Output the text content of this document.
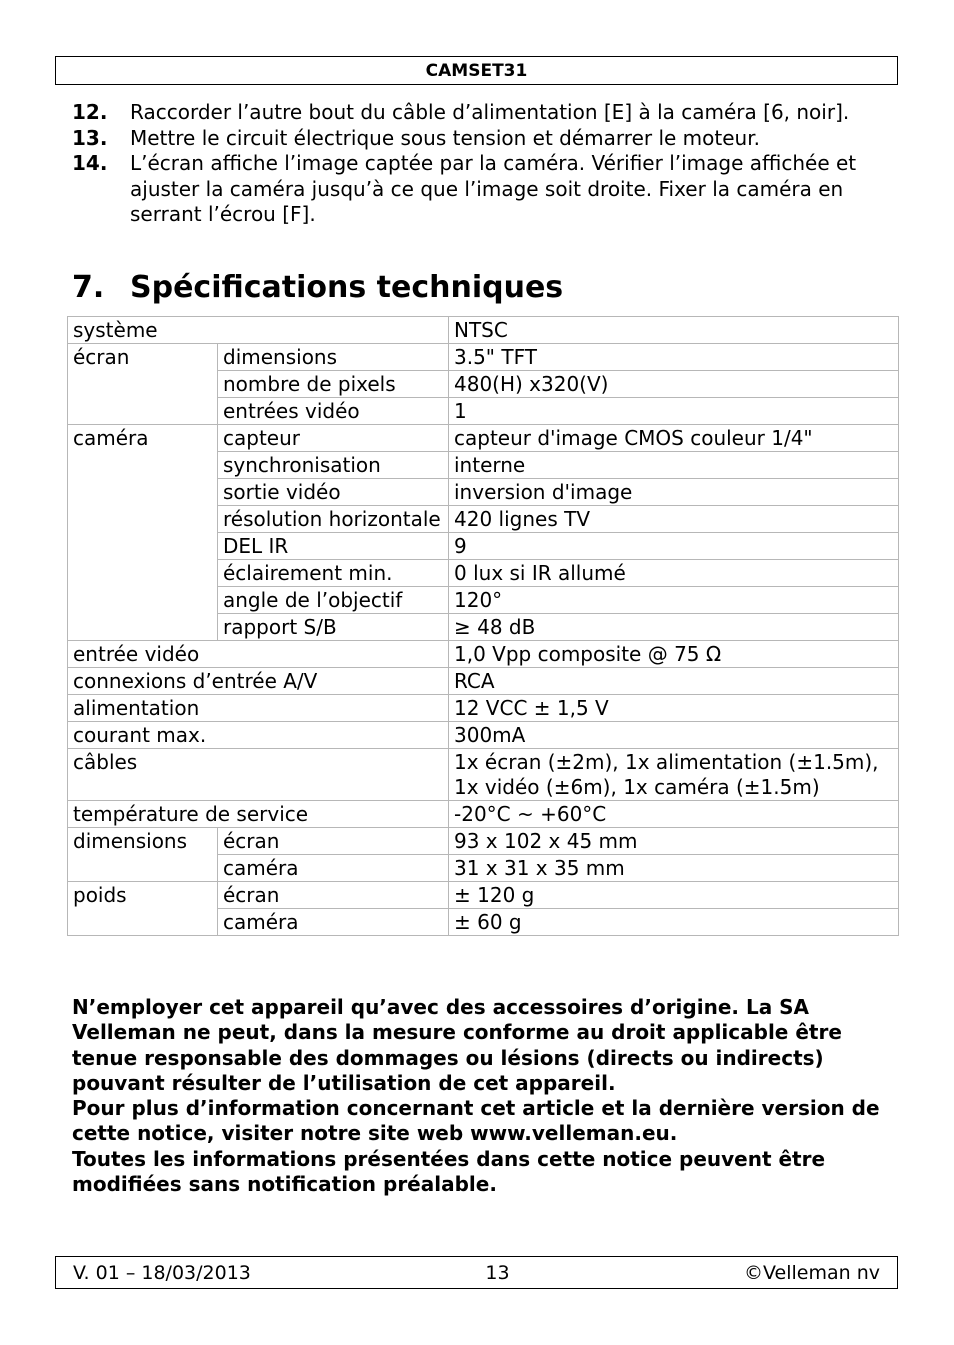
CAMSET31
12.	Raccorder l’autre bout du câble d’alimentation [E] à la caméra [6, noir].
13.	Mettre le circuit électrique sous tension et démarrer le moteur.
14.	L’écran affiche l’image captée par la caméra. Vérifier l’image affichée et ajuster la caméra jusqu’à ce que l’image soit droite. Fixer la caméra en serrant l’écrou [F].
7. Spécifications techniques
système		NTSC
écran	dimensions	3.5" TFT
	nombre de pixels	480(H) x320(V)
	entrées vidéo	1
caméra	capteur	capteur d'image CMOS couleur 1/4"
	synchronisation	interne
	sortie vidéo	inversion d'image
	résolution horizontale	420 lignes TV
	DEL IR	9
	éclairement min.	0 lux si IR allumé
	angle de l’objectif	120°
	rapport S/B	≥ 48 dB
entrée vidéo		1,0 Vpp composite @ 75 Ω
connexions d’entrée A/V		RCA
alimentation		12 VCC ± 1,5 V
courant max.		300mA
câbles		1x écran (±2m), 1x alimentation (±1.5m), 1x vidéo (±6m), 1x caméra (±1.5m)
température de service		-20°C ~ +60°C
dimensions	écran	93 x 102 x 45 mm
	caméra	31 x 31 x 35 mm
poids	écran	± 120 g
	caméra	± 60 g

N’employer cet appareil qu’avec des accessoires d’origine. La SA Velleman ne peut, dans la mesure conforme au droit applicable être tenue responsable des dommages ou lésions (directs ou indirects) pouvant résulter de l’utilisation de cet appareil.

Pour plus d’information concernant cet article et la dernière version de cette notice, visiter notre site web www.velleman.eu.

Toutes les informations présentées dans cette notice peuvent être modifiées sans notification préalable.

V. 01 – 18/03/2013	13	©Velleman nv
